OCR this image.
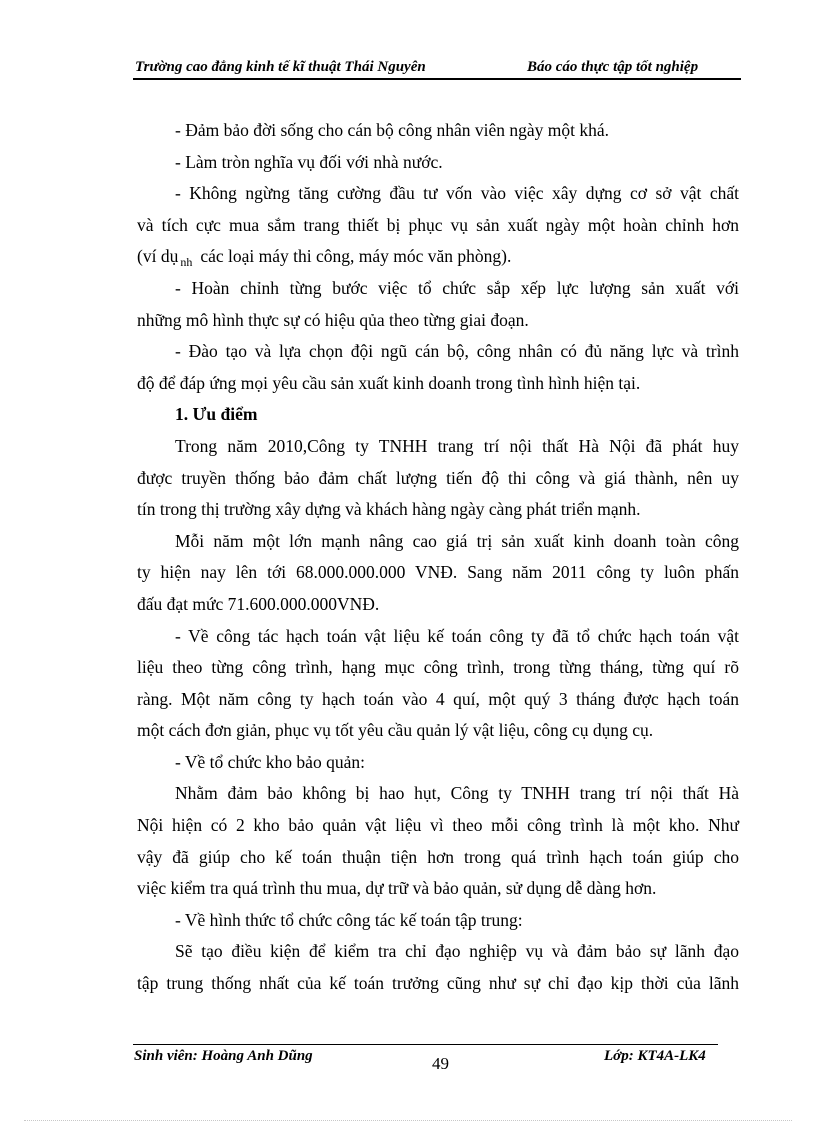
Trường cao đẳng kinh tế kĩ thuật Thái Nguyên	Báo cáo thực tập tốt nghiệp
- Đảm bảo đời sống cho cán bộ công nhân viên ngày một khá.
- Làm tròn nghĩa vụ đối với nhà nước.
- Không ngừng tăng cường đầu tư vốn vào việc xây dựng cơ sở vật chất
và tích cực mua sắm trang thiết bị phục vụ sản xuất ngày một hoàn chỉnh hơn
(ví dụ $_{nh}$ các loại máy thi công, máy móc văn phòng).
- Hoàn chỉnh từng bước việc tổ chức sắp xếp lực lượng sản xuất với
những mô hình thực sự có hiệu qủa theo từng giai đoạn.
- Đào tạo và lựa chọn đội ngũ cán bộ, công nhân có đủ năng lực và trình
độ để đáp ứng mọi yêu cầu sản xuất kinh doanh trong tình hình hiện tại.
1. Ưu điểm
Trong năm 2010,Công ty TNHH trang trí nội thất Hà Nội đã phát huy
được truyền thống bảo đảm chất lượng tiến độ thi công và giá thành, nên uy
tín trong thị trường xây dựng và khách hàng ngày càng phát triển mạnh.
Mỗi năm một lớn mạnh nâng cao giá trị sản xuất kinh doanh toàn công
ty hiện nay lên tới 68.000.000.000 VNĐ. Sang năm 2011 công ty luôn phấn
đấu đạt mức 71.600.000.000VNĐ.
- Về công tác hạch toán vật liệu kế toán công ty đã tổ chức hạch toán vật
liệu theo từng công trình, hạng mục công trình, trong từng tháng, từng quí rõ
ràng. Một năm công ty hạch toán vào 4 quí, một quý 3 tháng được hạch toán
một cách đơn giản, phục vụ tốt yêu cầu quản lý vật liệu, công cụ dụng cụ.
- Về tổ chức kho bảo quản:
Nhằm đảm bảo không bị hao hụt, Công ty TNHH trang trí nội thất Hà
Nội hiện có 2 kho bảo quản vật liệu vì theo mỗi công trình là một kho. Như
vậy đã giúp cho kế toán thuận tiện hơn trong quá trình hạch toán giúp cho
việc kiểm tra quá trình thu mua, dự trữ và bảo quản, sử dụng dễ dàng hơn.
- Về hình thức tổ chức công tác kế toán tập trung:
Sẽ tạo điều kiện để kiểm tra chỉ đạo nghiệp vụ và đảm bảo sự lãnh đạo
tập trung thống nhất của kế toán trưởng cũng như sự chỉ đạo kịp thời của lãnh
Sinh viên: Hoàng Anh Dũng	49	Lớp: KT4A-LK4
